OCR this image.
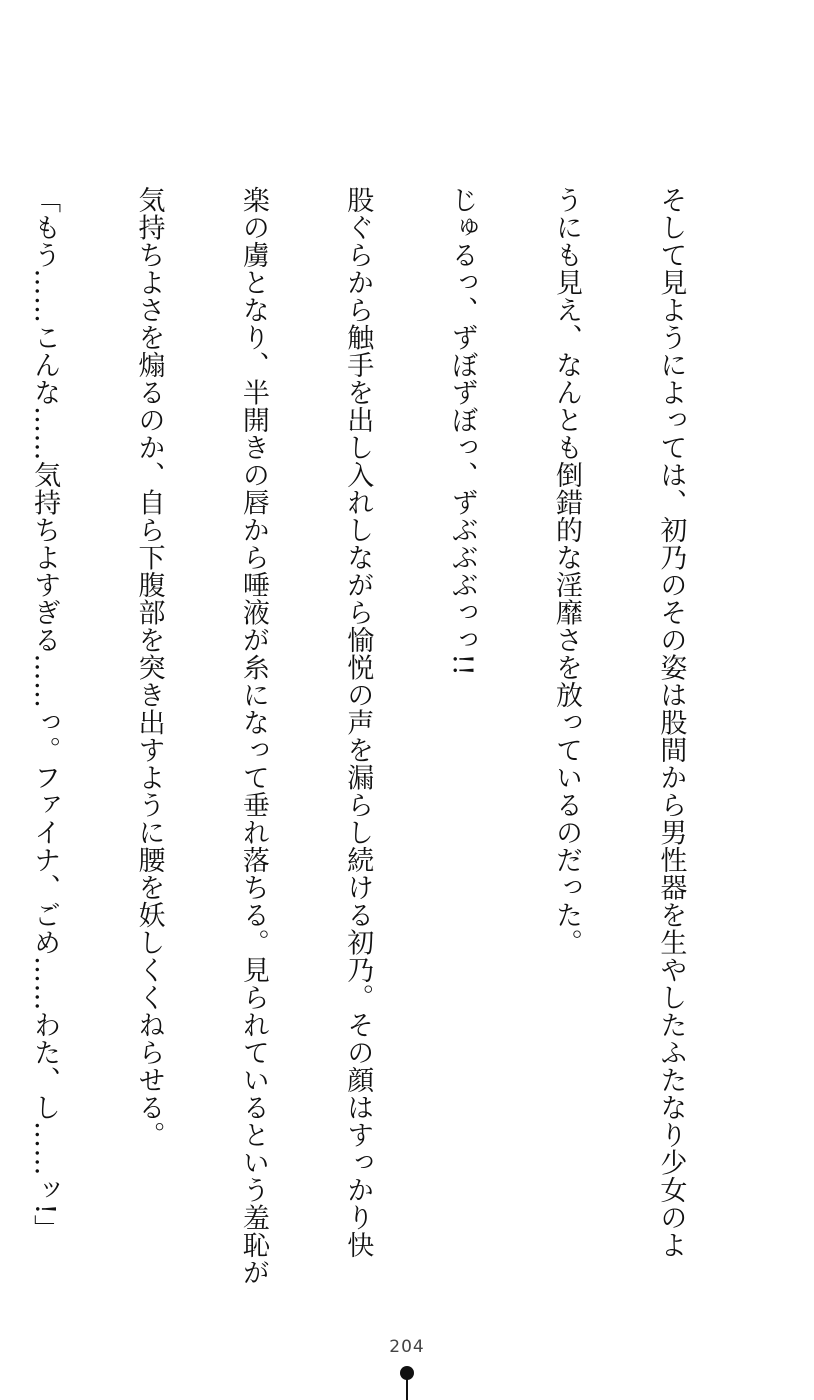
そして見ようによっては、初乃のその姿は股間から男性器を生やしたふたなり少女のよ

うにも見え、なんとも倒錯的な淫靡さを放っているのだった。

じゅるっ、ずぼずぼっ、ずぶぶぶっっ!!

股ぐらから触手を出し入れしながら愉悦の声を漏らし続ける初乃。その顔はすっかり快

楽の虜となり、半開きの唇から唾液が糸になって垂れ落ちる。見られているという羞恥が

気持ちよさを煽るのか、自ら下腹部を突き出すように腰を妖しくくねらせる。

「もう……こんな……気持ちよすぎる……っ。ファイナ、ごめ……わた、し……ッ!」

204
